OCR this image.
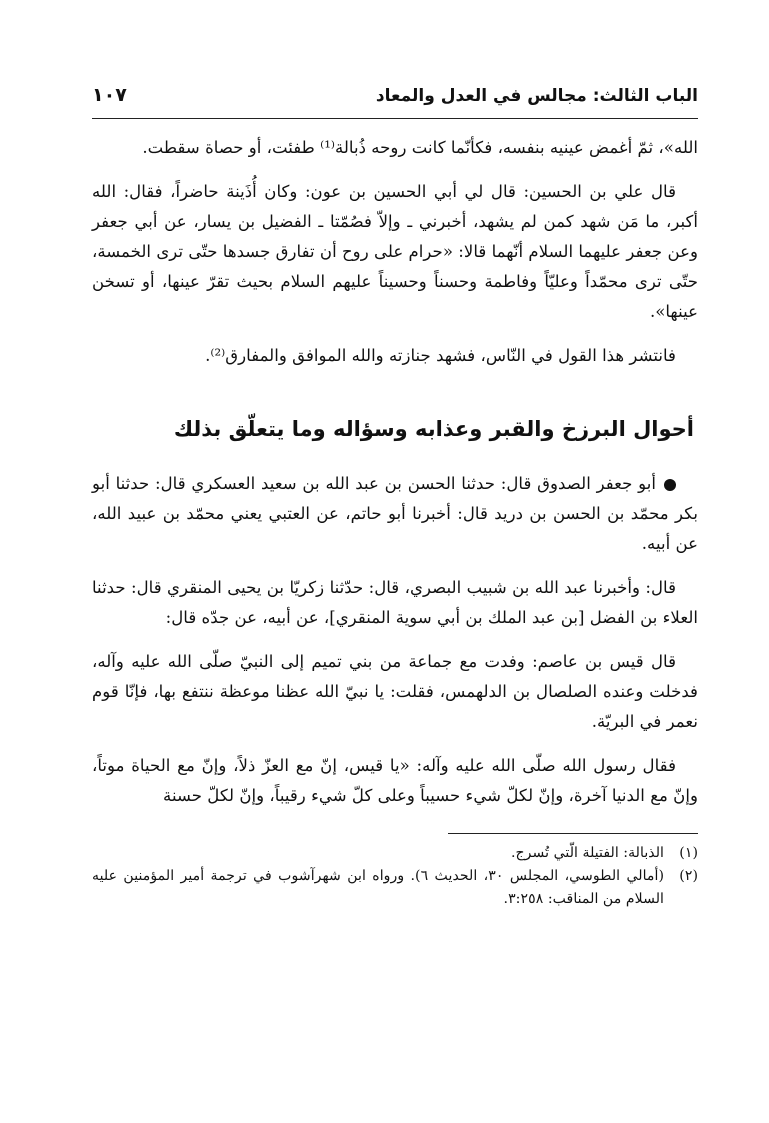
الباب الثالث: مجالس في العدل والمعاد
١٠٧

الله»، ثمّ أغمض عينيه بنفسه، فكأنّما كانت روحه ذُبالة⁽¹⁾ طفئت، أو حصاة سقطت.

قال علي بن الحسين: قال لي أبي الحسين بن عون: وكان أُذَينة حاضراً، فقال: الله أكبر، ما مَن شهد كمن لم يشهد، أخبرني ـ وإلاّ فصُمّتا ـ الفضيل بن يسار، عن أبي جعفر وعن جعفر عليهما السلام أنّهما قالا: «حرام على روح أن تفارق جسدها حتّى ترى الخمسة، حتّى ترى محمّداً وعليّاً وفاطمة وحسناً وحسيناً عليهم السلام بحيث تقرّ عينها، أو تسخن عينها».

فانتشر هذا القول في النّاس، فشهد جنازته والله الموافق والمفارق⁽²⁾.

أحوال البرزخ والقبر وعذابه وسؤاله وما يتعلّق بذلك

أبو جعفر الصدوق قال: حدثنا الحسن بن عبد الله بن سعيد العسكري قال: حدثنا أبو بكر محمّد بن الحسن بن دريد قال: أخبرنا أبو حاتم، عن العتبي يعني محمّد بن عبيد الله، عن أبيه.

قال: وأخبرنا عبد الله بن شبيب البصري، قال: حدّثنا زكريّا بن يحيى المنقري قال: حدثنا العلاء بن الفضل [بن عبد الملك بن أبي سوية المنقري]، عن أبيه، عن جدّه قال:

قال قيس بن عاصم: وفدت مع جماعة من بني تميم إلى النبيّ صلّى الله عليه وآله، فدخلت وعنده الصلصال بن الدلهمس، فقلت: يا نبيّ الله عظنا موعظة ننتفع بها، فإنّا قوم نعمر في البريّة.

فقال رسول الله صلّى الله عليه وآله: «يا قيس، إنّ مع العزّ ذلاً، وإنّ مع الحياة موتاً، وإنّ مع الدنيا آخرة، وإنّ لكلّ شيء حسيباً وعلى كلّ شيء رقيباً، وإنّ لكلّ حسنة

(١)
الذبالة: الفتيلة الّتي تُسرج.
(٢)
(أمالي الطوسي، المجلس ٣٠، الحديث ٦). ورواه ابن شهرآشوب في ترجمة أمير المؤمنين عليه السلام من المناقب: ٣:٢٥٨.
